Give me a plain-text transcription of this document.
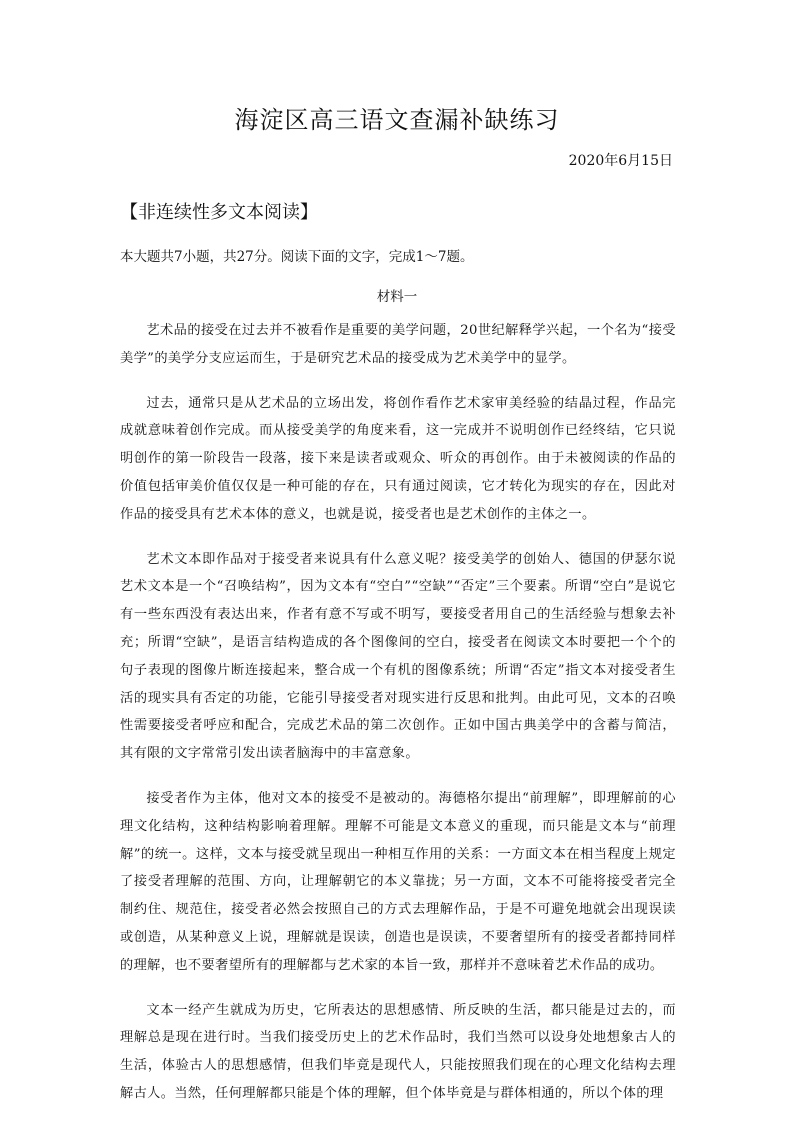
海淀区高三语文查漏补缺练习
2020年6月15日
【非连续性多文本阅读】
本大题共7小题，共27分。阅读下面的文字，完成1～7题。
材料一

艺术品的接受在过去并不被看作是重要的美学问题，20世纪解释学兴起，一个名为“接受美学”的美学分支应运而生，于是研究艺术品的接受成为艺术美学中的显学。

过去，通常只是从艺术品的立场出发，将创作看作艺术家审美经验的结晶过程，作品完成就意味着创作完成。而从接受美学的角度来看，这一完成并不说明创作已经终结，它只说明创作的第一阶段告一段落，接下来是读者或观众、听众的再创作。由于未被阅读的作品的价值包括审美价值仅仅是一种可能的存在，只有通过阅读，它才转化为现实的存在，因此对作品的接受具有艺术本体的意义，也就是说，接受者也是艺术创作的主体之一。

艺术文本即作品对于接受者来说具有什么意义呢？接受美学的创始人、德国的伊瑟尔说艺术文本是一个“召唤结构”，因为文本有“空白”“空缺”“否定”三个要素。所谓“空白”是说它有一些东西没有表达出来，作者有意不写或不明写，要接受者用自己的生活经验与想象去补充；所谓“空缺”，是语言结构造成的各个图像间的空白，接受者在阅读文本时要把一个个的句子表现的图像片断连接起来，整合成一个有机的图像系统；所谓“否定”指文本对接受者生活的现实具有否定的功能，它能引导接受者对现实进行反思和批判。由此可见，文本的召唤性需要接受者呼应和配合，完成艺术品的第二次创作。正如中国古典美学中的含蓄与简洁，其有限的文字常常引发出读者脑海中的丰富意象。

接受者作为主体，他对文本的接受不是被动的。海德格尔提出“前理解”，即理解前的心理文化结构，这种结构影响着理解。理解不可能是文本意义的重现，而只能是文本与“前理解”的统一。这样，文本与接受就呈现出一种相互作用的关系：一方面文本在相当程度上规定了接受者理解的范围、方向，让理解朝它的本义靠拢；另一方面，文本不可能将接受者完全制约住、规范住，接受者必然会按照自己的方式去理解作品，于是不可避免地就会出现误读或创造，从某种意义上说，理解就是误读，创造也是误读，不要奢望所有的接受者都持同样的理解，也不要奢望所有的理解都与艺术家的本旨一致，那样并不意味着艺术作品的成功。

文本一经产生就成为历史，它所表达的思想感情、所反映的生活，都只能是过去的，而理解总是现在进行时。当我们接受历史上的艺术作品时，我们当然可以设身处地想象古人的生活，体验古人的思想感情，但我们毕竟是现代人，只能按照我们现在的心理文化结构去理解古人。当然，任何理解都只能是个体的理解，但个体毕竟是与群体相通的，所以个体的理
